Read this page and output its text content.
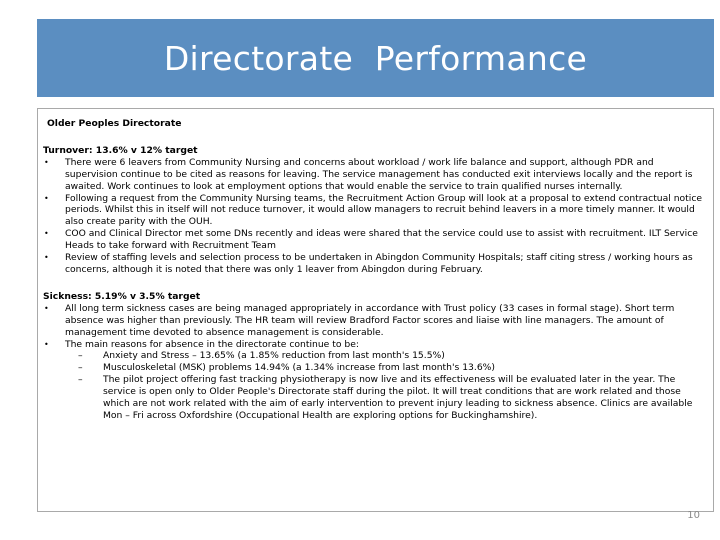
Directorate  Performance
Older Peoples Directorate
Turnover: 13.6% v 12% target
•	There were 6 leavers from Community Nursing and concerns about workload / work life balance and support, although PDR and supervision continue to be cited as reasons for leaving. The service management has conducted exit interviews locally and the report is awaited. Work continues to look at employment options that would enable the service to train qualified nurses internally.
•	Following a request from the Community Nursing teams, the Recruitment Action Group will look at a proposal to extend contractual notice periods. Whilst this in itself will not reduce turnover, it would allow managers to recruit behind leavers in a more timely manner. It would also create parity with the OUH.
•	COO and Clinical Director met some DNs recently and ideas were shared that the service could use to assist with recruitment. ILT Service Heads to take forward with Recruitment Team
•	Review of staffing levels and selection process to be undertaken in Abingdon Community Hospitals; staff citing stress / working hours as concerns, although it is noted that there was only 1 leaver from Abingdon during February.
Sickness: 5.19% v 3.5% target
•	All long term sickness cases are being managed appropriately in accordance with Trust policy (33 cases in formal stage). Short term absence was higher than previously. The HR team will review Bradford Factor scores and liaise with line managers. The amount of management time devoted to absence management is considerable.
•	The main reasons for absence in the directorate continue to be:
–	Anxiety and Stress – 13.65% (a 1.85% reduction from last month's 15.5%)
–	Musculoskeletal (MSK) problems 14.94% (a 1.34% increase from last month's 13.6%)
–	The pilot project offering fast tracking physiotherapy is now live and its effectiveness will be evaluated later in the year. The service is open only to Older People's Directorate staff during the pilot. It will treat conditions that are work related and those which are not work related with the aim of early intervention to prevent injury leading to sickness absence. Clinics are available Mon – Fri across Oxfordshire (Occupational Health are exploring options for Buckinghamshire).
10
